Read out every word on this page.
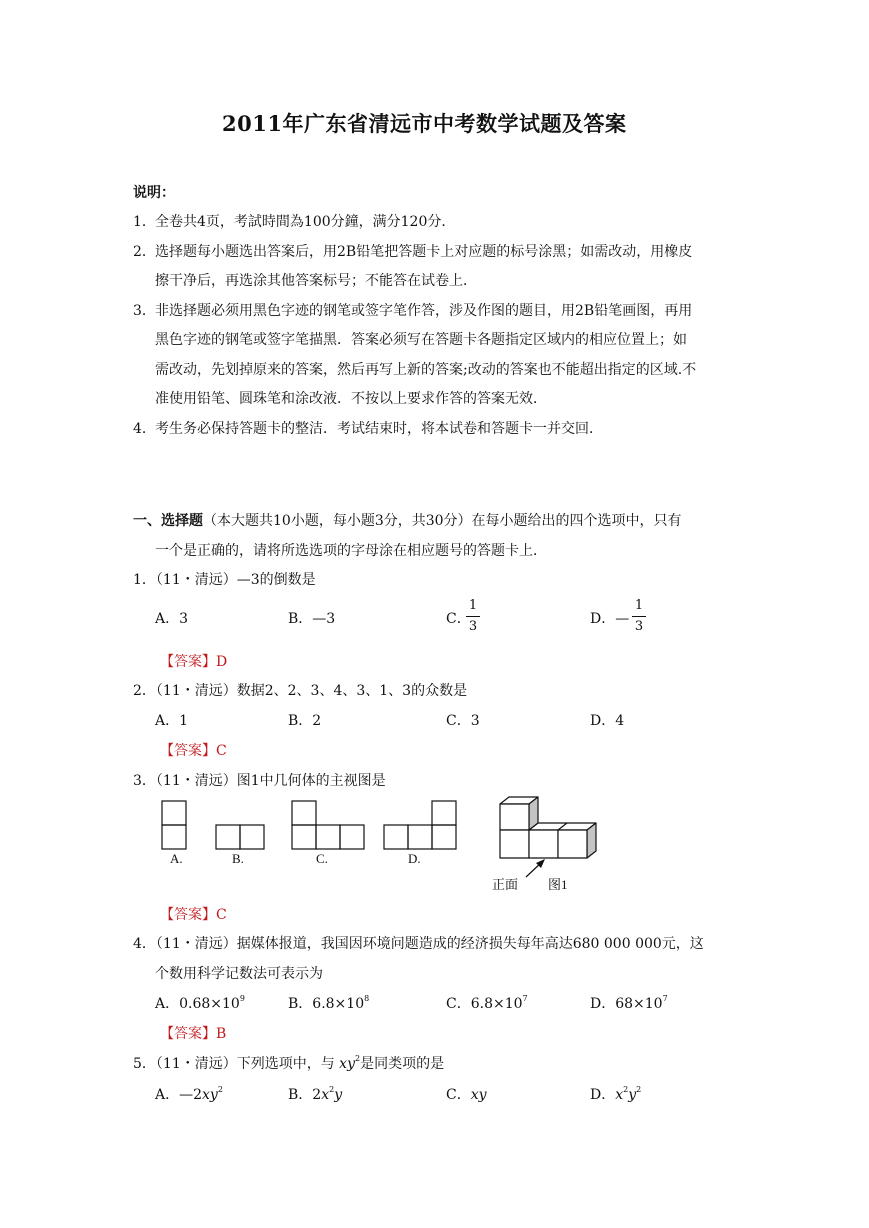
2011年广东省清远市中考数学试题及答案
说明：
1． 全卷共4页，考試時間為100分鐘，满分120分．
2． 选择题每小题选出答案后，用2B铅笔把答题卡上对应题的标号涂黑；如需改动，用橡皮
擦干净后，再选涂其他答案标号；不能答在试卷上．
3． 非选择题必须用黑色字迹的钢笔或签字笔作答，涉及作图的题目，用2B铅笔画图，再用
黑色字迹的钢笔或签字笔描黑．答案必须写在答题卡各题指定区域内的相应位置上；如
需改动，先划掉原来的答案，然后再写上新的答案;改动的答案也不能超出指定的区域.不
准使用铅笔、圆珠笔和涂改液．不按以上要求作答的答案无效．
4． 考生务必保持答题卡的整洁．考试结束时，将本试卷和答题卡一并交回．
一、选择题（本大题共10小题，每小题3分，共30分）在每小题给出的四个选项中，只有
一个是正确的，请将所选选项的字母涂在相应题号的答题卡上．
1．（11・清远）—3的倒数是
A．3	B．—3	C．
1
3	D．—
1
3
【答案】D
2．（11・清远）数据2、2、3、4、3、1、3的众数是
A．1	B．2	C．3	D．4
【答案】C
3．（11・清远）图1中几何体的主视图是
A.	B.	C.	D.
正面 图1
【答案】C
4．（11・清远）据媒体报道，我国因环境问题造成的经济损失每年高达680 000 000元，这
个数用科学记数法可表示为
A．$0.68\times 10^9$	B．$6.8\times 10^8$	C．$6.8\times 10^7$	D．$68\times 10^7$
【答案】B
5．（11・清远）下列选项中，与 $xy^2$是同类项的是
A．$—2xy^2$	B．$2x^2y$	C．xy	D．$x^2y^2$
